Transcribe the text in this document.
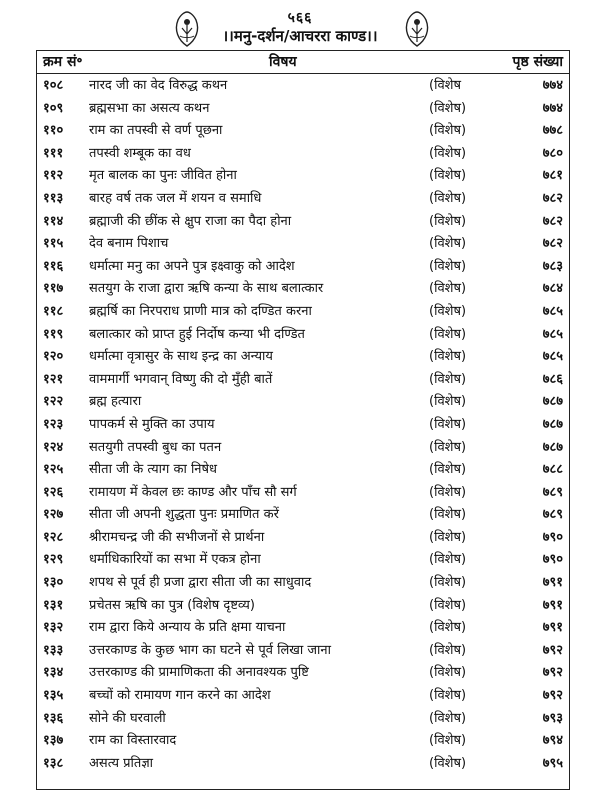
५६६
।।मनु-दर्शन/आचररा काण्ड।।
क्रम सं॰	विषय	पृष्ठ संख्या
१०८ नारद जी का वेद विरुद्ध कथन	(विशेष	७७४
१०९ ब्रह्मसभा का असत्य कथन	(विशेष)	७७४
११० राम का तपस्वी से वर्ण पूछना	(विशेष)	७७८
१११ तपस्वी शम्बूक का वध	(विशेष)	७८०
११२ मृत बालक का पुनः जीवित होना	(विशेष)	७८१
११३ बारह वर्ष तक जल में शयन व समाधि	(विशेष)	७८२
११४ ब्रह्माजी की छींक से क्षुप राजा का पैदा होना	(विशेष)	७८२
११५ देव बनाम पिशाच	(विशेष)	७८२
११६ धर्मात्मा मनु का अपने पुत्र इक्ष्वाकु को आदेश	(विशेष)	७८३
११७ सतयुग के राजा द्वारा ऋषि कन्या के साथ बलात्कार	(विशेष)	७८४
११८ ब्रह्मर्षि का निरपराध प्राणी मात्र को दण्डित करना	(विशेष)	७८५
११९ बलात्कार को प्राप्त हुई निर्दोष कन्या भी दण्डित	(विशेष)	७८५
१२० धर्मात्मा वृत्रासुर के साथ इन्द्र का अन्याय	(विशेष)	७८५
१२१ वाममार्गी भगवान् विष्णु की दो मुँही बातें	(विशेष)	७८६
१२२ ब्रह्म हत्यारा	(विशेष)	७८७
१२३ पापकर्म से मुक्ति का उपाय	(विशेष)	७८७
१२४ सतयुगी तपस्वी बुध का पतन	(विशेष)	७८७
१२५ सीता जी के त्याग का निषेध	(विशेष)	७८८
१२६ रामायण में केवल छः काण्ड और पाँच सौ सर्ग	(विशेष)	७८९
१२७ सीता जी अपनी शुद्धता पुनः प्रमाणित करें	(विशेष)	७८९
१२८ श्रीरामचन्द्र जी की सभीजनों से प्रार्थना	(विशेष)	७९०
१२९ धर्माधिकारियों का सभा में एकत्र होना	(विशेष)	७९०
१३० शपथ से पूर्व ही प्रजा द्वारा सीता जी का साधुवाद	(विशेष)	७९१
१३१ प्रचेतस ऋषि का पुत्र (विशेष दृष्टव्य)	(विशेष)	७९१
१३२ राम द्वारा किये अन्याय के प्रति क्षमा याचना	(विशेष)	७९१
१३३ उत्तरकाण्ड के कुछ भाग का घटने से पूर्व लिखा जाना	(विशेष)	७९२
१३४ उत्तरकाण्ड की प्रामाणिकता की अनावश्यक पुष्टि	(विशेष)	७९२
१३५ बच्चों को रामायण गान करने का आदेश	(विशेष)	७९२
१३६ सोने की घरवाली	(विशेष)	७९३
१३७ राम का विस्तारवाद	(विशेष)	७९४
१३८ असत्य प्रतिज्ञा	(विशेष)	७९५
